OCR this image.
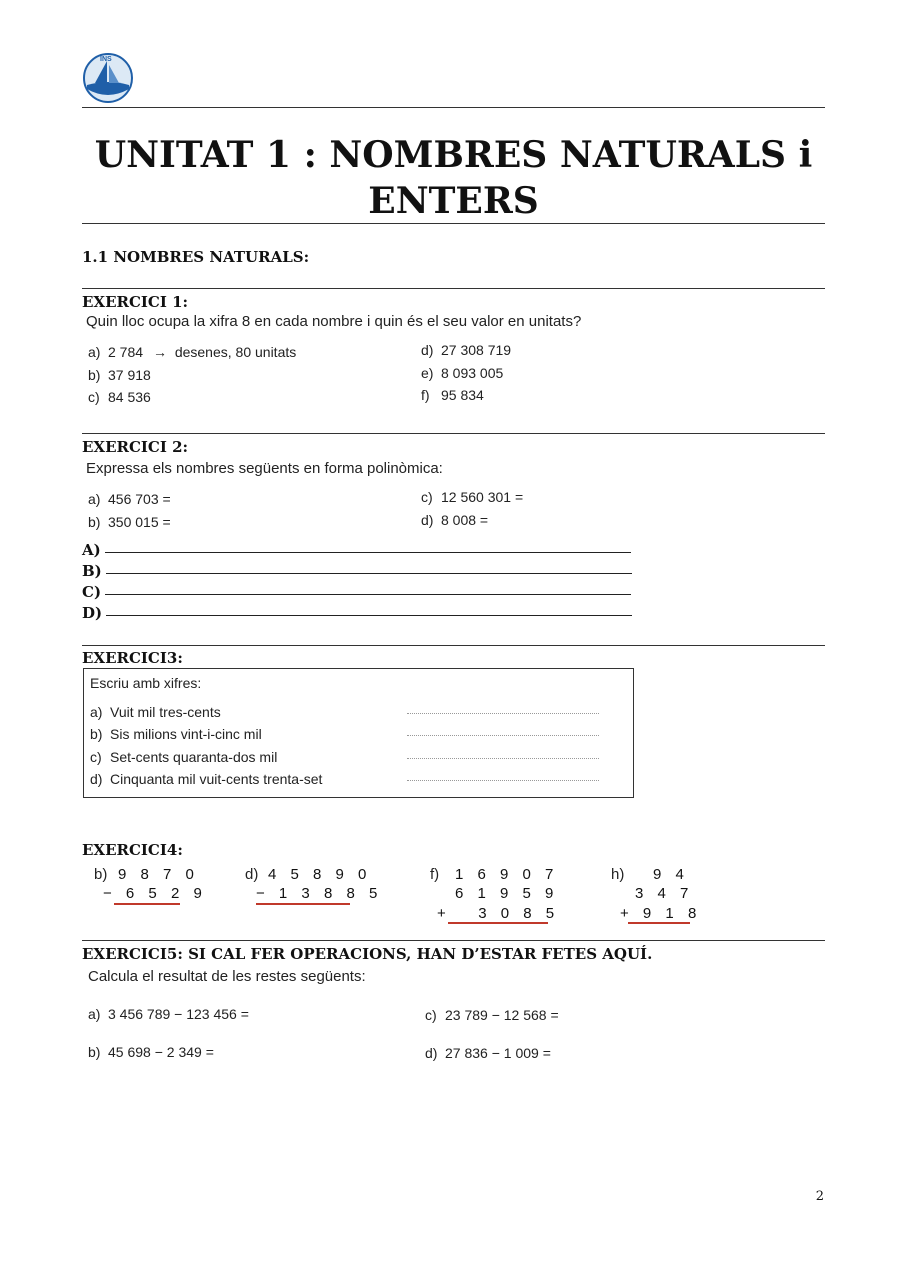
INS
UNITAT 1 : NOMBRES NATURALS i
ENTERS
1.1 NOMBRES NATURALS:
EXERCICI 1:
Quin lloc ocupa la xifra 8 en cada nombre i quin és el seu valor en unitats?
a) 2 784 → desenes, 80 unitats
b) 37 918
c) 84 536
d) 27 308 719
e) 8 093 005
f) 95 834
EXERCICI 2:
Expressa els nombres següents en forma polinòmica:
a) 456 703 =
b) 350 015 =
c) 12 560 301 =
d) 8 008 =
A)
B)
C)
D)
EXERCICI3:
Escriu amb xifres:
a) Vuit mil tres-cents
b) Sis milions vint-i-cinc mil
c) Set-cents quaranta-dos mil
d) Cinquanta mil vuit-cents trenta-set
EXERCICI4:
b) 9 8 7 0
− 6 5 2 9
d) 4 5 8 9 0
− 1 3 8 8 5
f) 1 6 9 0 7
6 1 9 5 9
+   3 0 8 5
h) 9 4
3 4 7
+ 9 1 8
EXERCICI5: SI CAL FER OPERACIONS, HAN D’ESTAR FETES AQUÍ.
Calcula el resultat de les restes següents:
a) 3 456 789 − 123 456 =
b) 45 698 − 2 349 =
c) 23 789 − 12 568 =
d) 27 836 − 1 009 =
2
